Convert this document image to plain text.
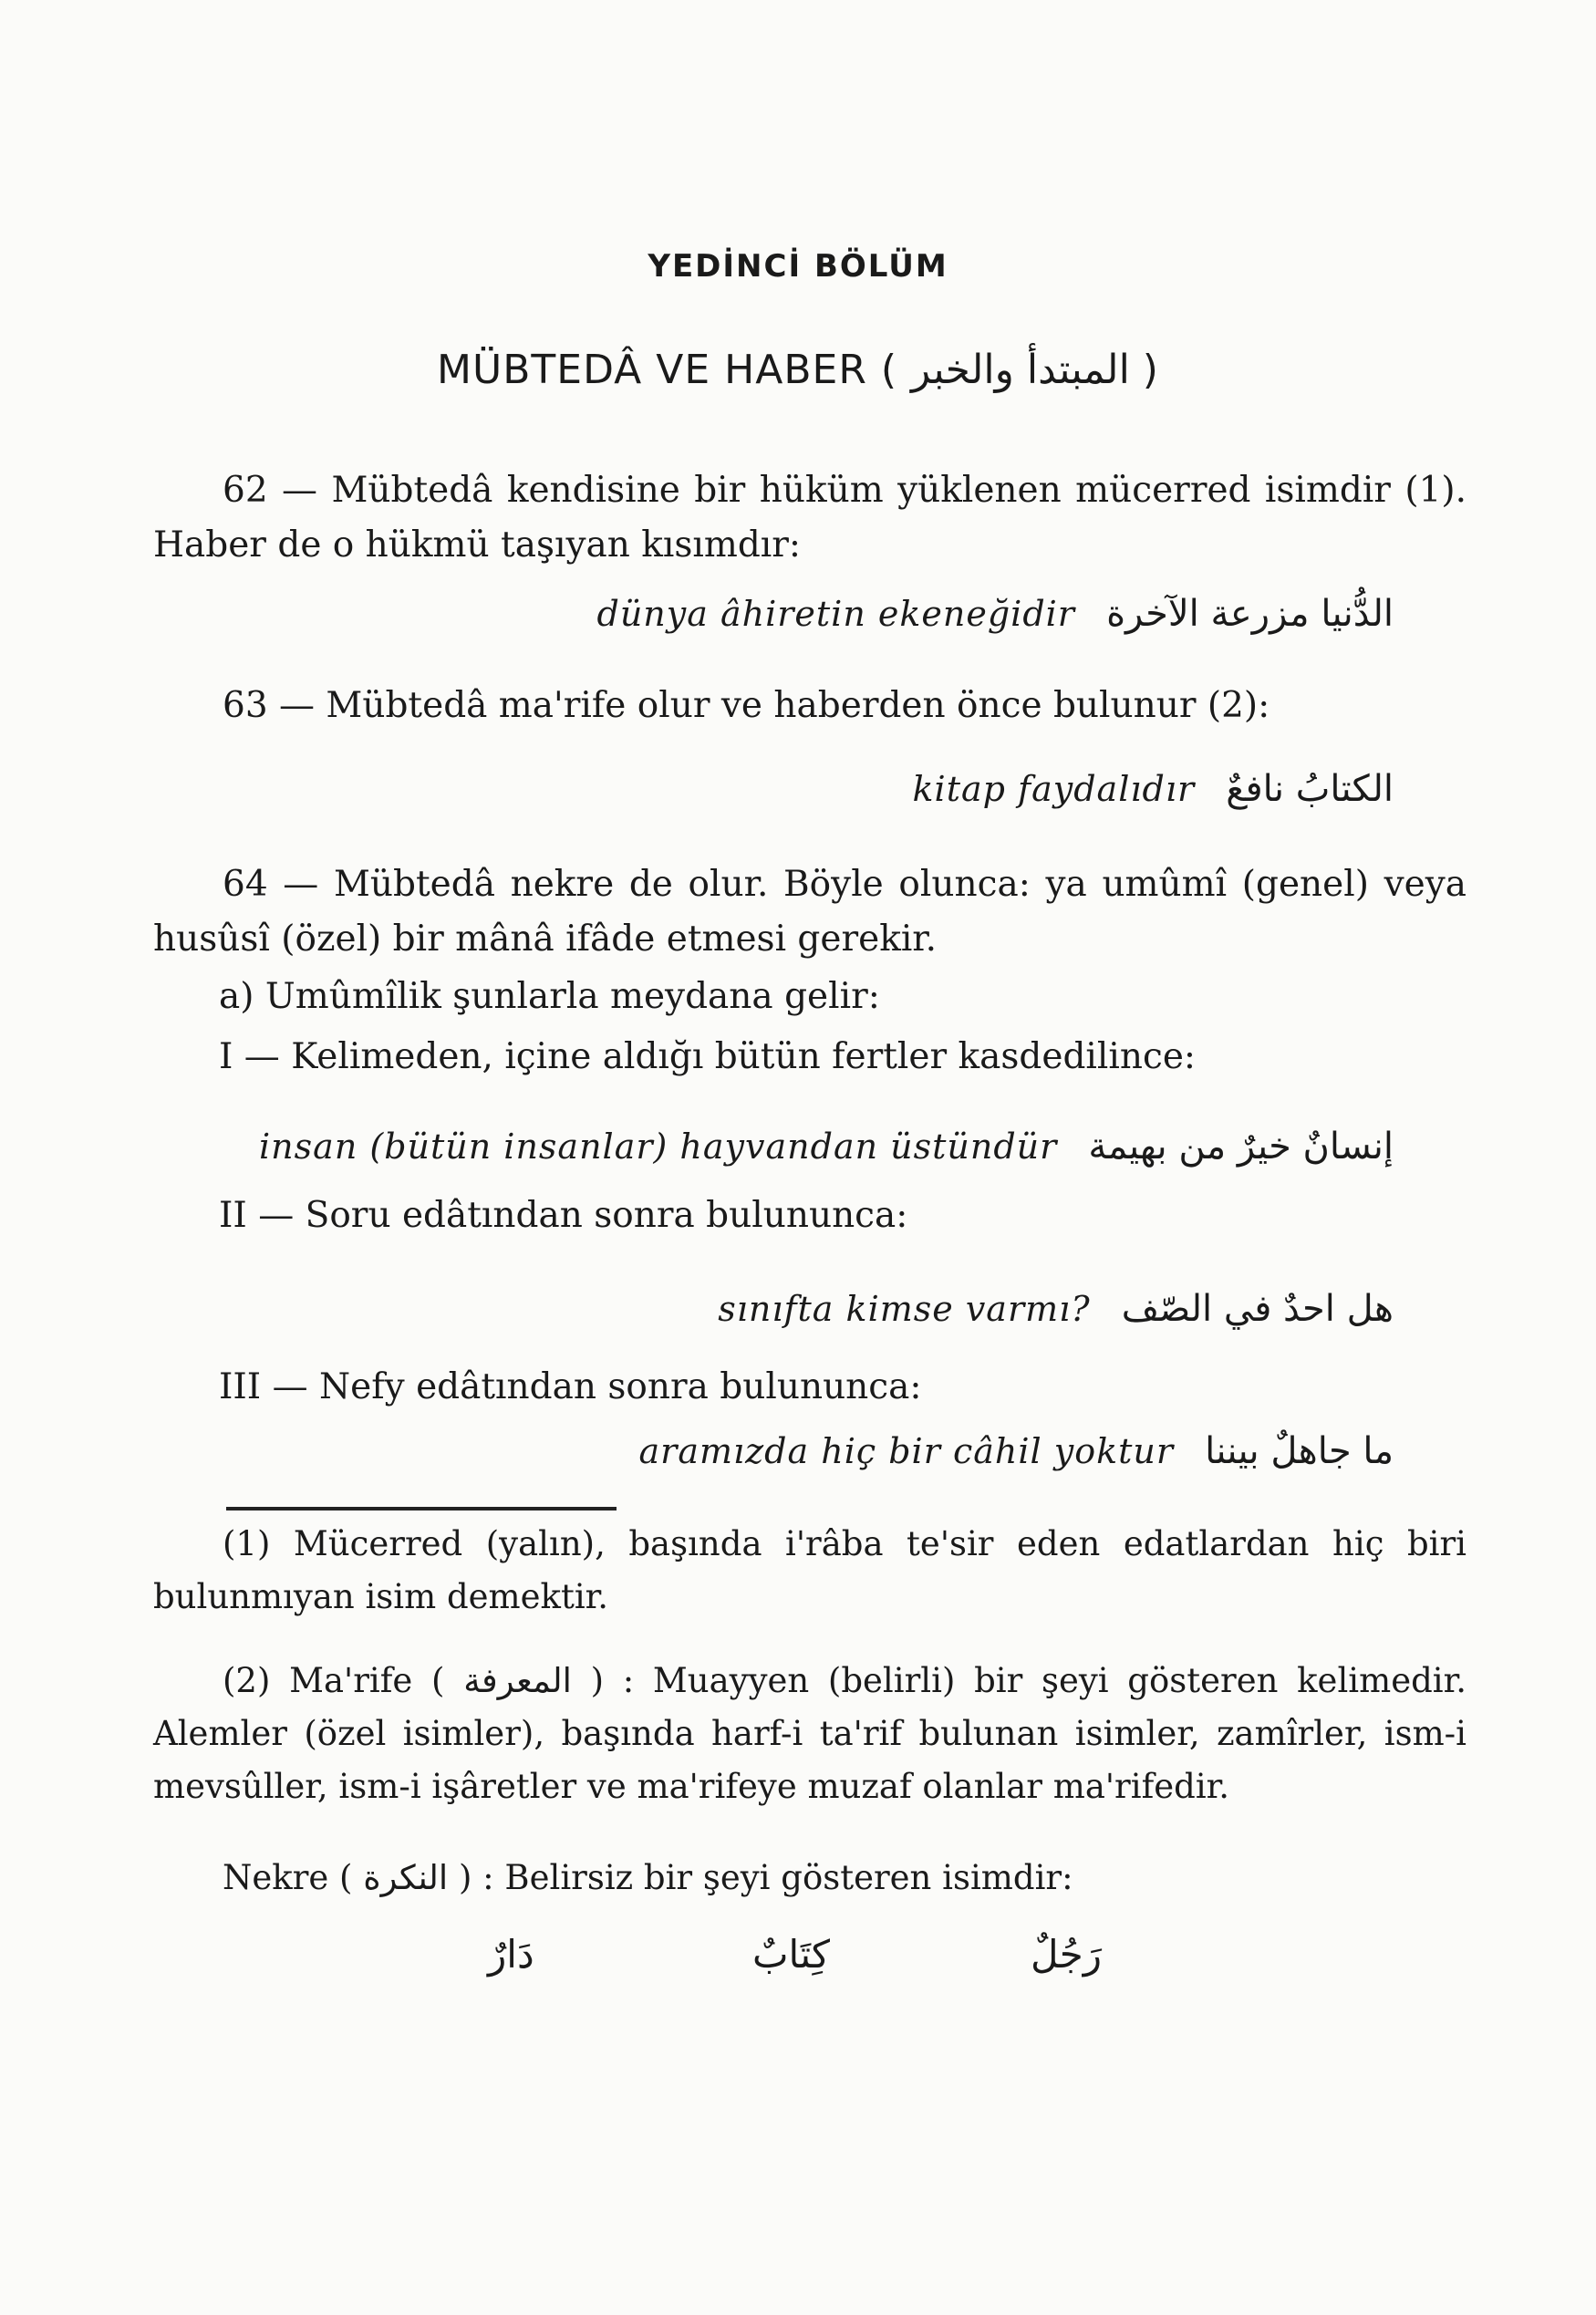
YEDİNCİ BÖLÜM
MÜBTEDÂ VE HABER ( المبتدأ والخبر )
62 — Mübtedâ kendisine bir hüküm yüklenen mücerred isimdir (1). Haber de o hükmü taşıyan kısımdır:
dünya âhiretin ekeneğidir الدُّنيا مزرعة الآخرة
63 — Mübtedâ ma'rife olur ve haberden önce bulunur (2):
kitap faydalıdır الكتابُ نافعٌ
64 — Mübtedâ nekre de olur. Böyle olunca: ya umûmî (genel) veya husûsî (özel) bir mânâ ifâde etmesi gerekir.
a) Umûmîlik şunlarla meydana gelir:
I — Kelimeden, içine aldığı bütün fertler kasdedilince:
insan (bütün insanlar) hayvandan üstündür إنسانٌ خيرٌ من بهيمة
II — Soru edâtından sonra bulununca:
sınıfta kimse varmı? هل احدٌ في الصّف
III — Nefy edâtından sonra bulununca:
aramızda hiç bir câhil yoktur ما جاهلٌ بيننا
(1) Mücerred (yalın), başında i'râba te'sir eden edatlardan hiç biri bulunmıyan isim demektir.
(2) Ma'rife ( المعرفة ) : Muayyen (belirli) bir şeyi gösteren kelimedir. Alemler (özel isimler), başında harf-i ta'rif bulunan isimler, zamîrler, ism-i mevsûller, ism-i işâretler ve ma'rifeye muzaf olanlar ma'rifedir.
Nekre ( النكرة ) : Belirsiz bir şeyi gösteren isimdir:
رَجُلٌ
كِتَابٌ
دَارٌ
